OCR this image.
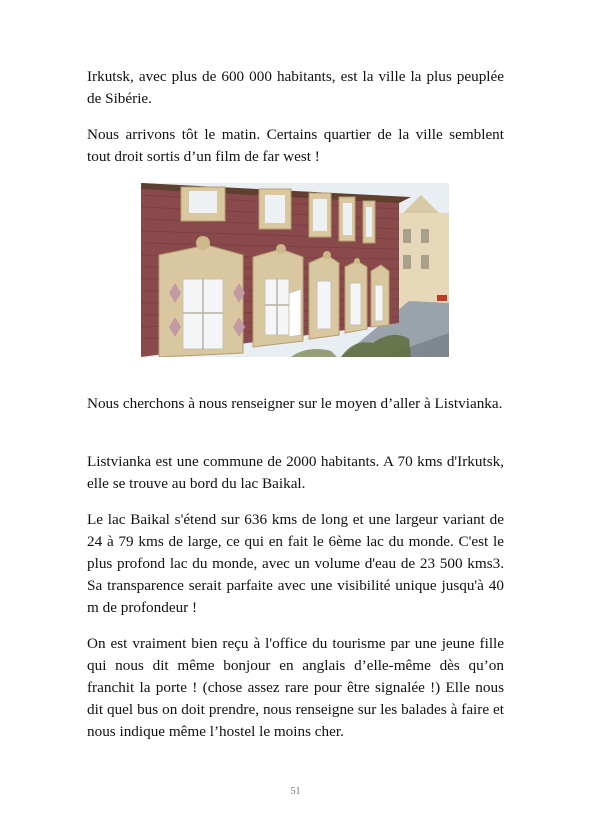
Irkutsk, avec plus de 600 000 habitants, est la ville la plus peuplée de Sibérie.

Nous arrivons tôt le matin. Certains quartier de la ville semblent tout droit sortis d’un film de far west !

Nous cherchons à nous renseigner sur le moyen d’aller à Listvianka.

Listvianka est une commune de 2000 habitants. A 70 kms d'Irkutsk, elle se trouve au bord du lac Baikal.

Le lac Baikal s'étend sur 636 kms de long et une largeur variant de 24 à 79 kms de large, ce qui en fait le 6ème lac du monde. C'est le plus profond lac du monde, avec un volume d'eau de 23 500 kms3. Sa transparence serait parfaite avec une visibilité unique jusqu'à 40 m de profondeur !

On est vraiment bien reçu à l'office du tourisme par une jeune fille qui nous dit même bonjour en anglais d’elle-même dès qu’on franchit la porte ! (chose assez rare pour être signalée !) Elle nous dit quel bus on doit prendre, nous renseigne sur les balades à faire et nous indique même l’hostel le moins cher.

51
